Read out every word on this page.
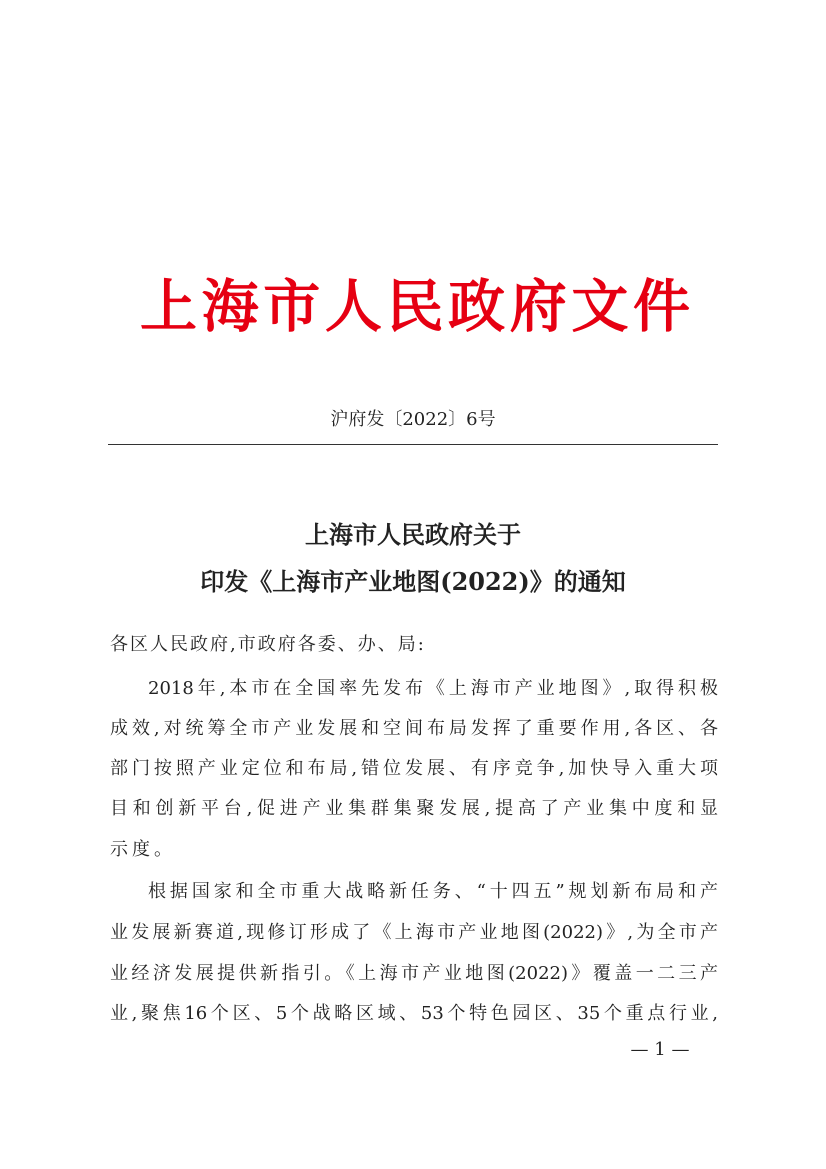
上海市人民政府文件
沪府发〔2022〕6号
上海市人民政府关于
印发《上海市产业地图(2022)》的通知
各区人民政府,市政府各委、办、局:
2018年,本市在全国率先发布《上海市产业地图》,取得积极
成效,对统筹全市产业发展和空间布局发挥了重要作用,各区、各
部门按照产业定位和布局,错位发展、有序竞争,加快导入重大项
目和创新平台,促进产业集群集聚发展,提高了产业集中度和显
示度。
根据国家和全市重大战略新任务、“十四五”规划新布局和产
业发展新赛道,现修订形成了《上海市产业地图(2022)》,为全市产
业经济发展提供新指引。《上海市产业地图(2022)》覆盖一二三产
业,聚焦16个区、5个战略区域、53个特色园区、35个重点行业,
— 1 —
